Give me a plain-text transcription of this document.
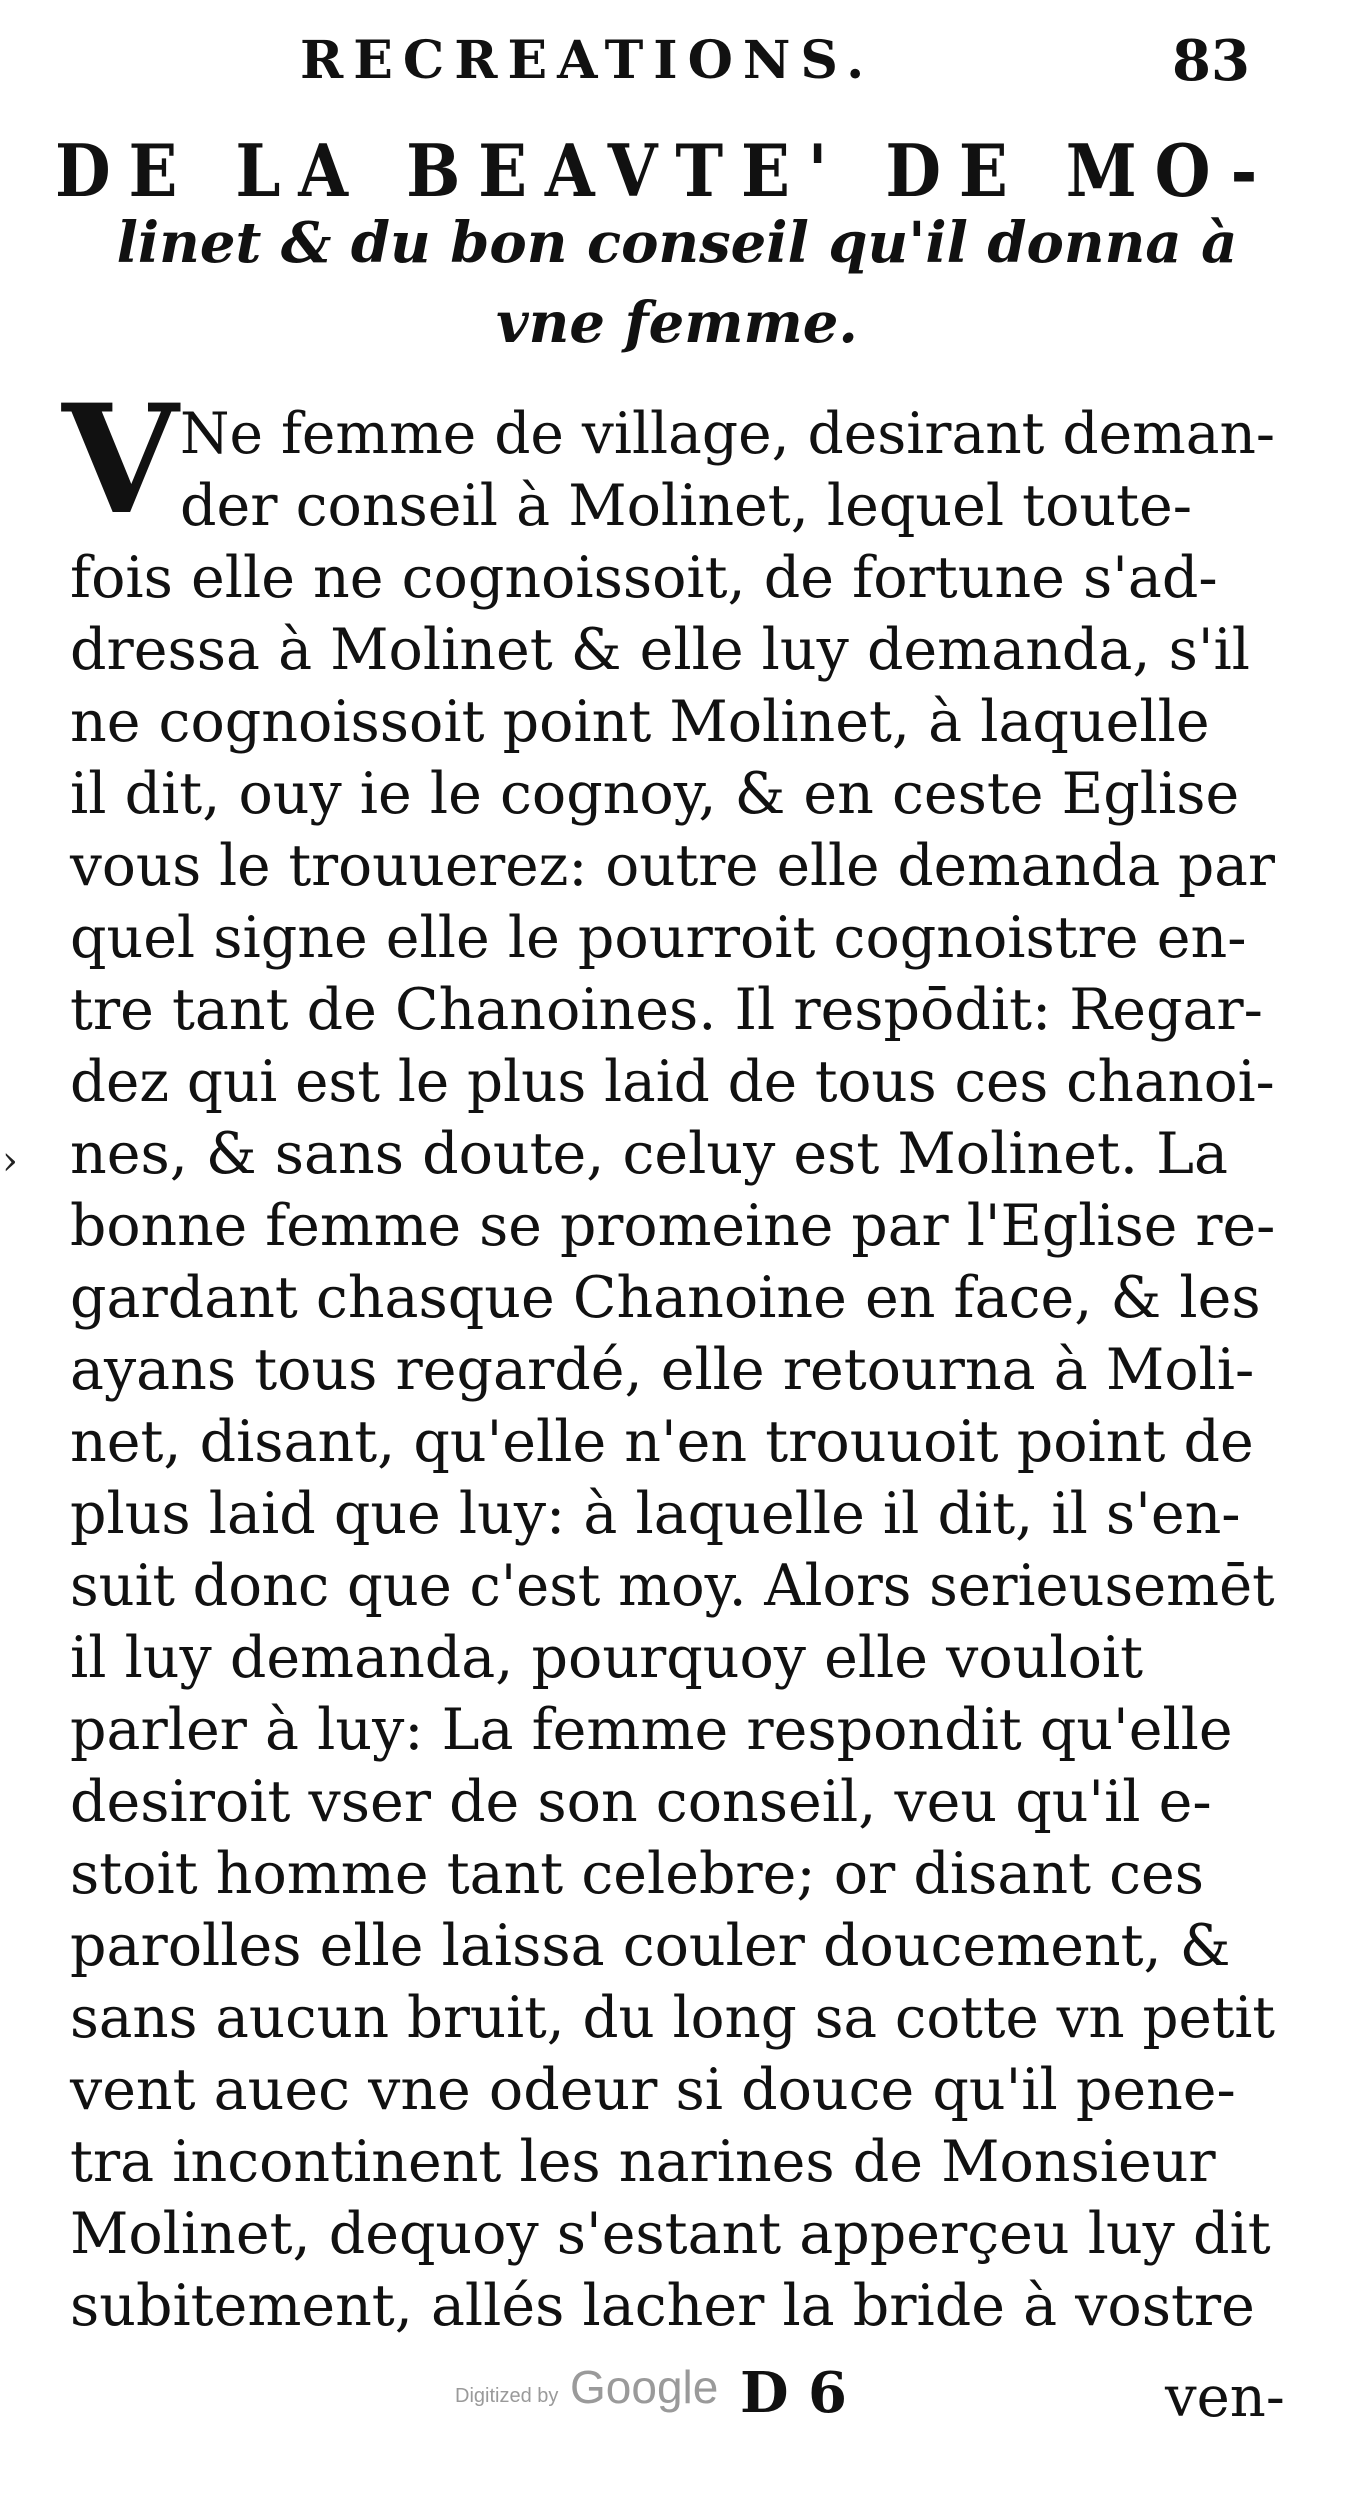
RECREATIONS.	83
DE LA BEAVTE' DE MO-
linet & du bon conseil qu'il donna à
vne femme.
V Ne femme de village, desirant deman-
der conseil à Molinet, lequel toute-
fois elle ne cognoissoit, de fortune s'ad-
dressa à Molinet & elle luy demanda, s'il
ne cognoissoit point Molinet, à laquelle
il dit, ouy ie le cognoy, & en ceste Eglise
vous le trouuerez: outre elle demanda par
quel signe elle le pourroit cognoistre en-
tre tant de Chanoines. Il respōdit: Regar-
dez qui est le plus laid de tous ces chanoi-
nes, & sans doute, celuy est Molinet. La
bonne femme se promeine par l'Eglise re-
gardant chasque Chanoine en face, & les
ayans tous regardé, elle retourna à Moli-
net, disant, qu'elle n'en trouuoit point de
plus laid que luy: à laquelle il dit, il s'en-
suit donc que c'est moy. Alors serieusemēt
il luy demanda, pourquoy elle vouloit
parler à luy: La femme respondit qu'elle
desiroit vser de son conseil, veu qu'il e-
stoit homme tant celebre; or disant ces
parolles elle laissa couler doucement, &
sans aucun bruit, du long sa cotte vn petit
vent auec vne odeur si douce qu'il pene-
tra incontinent les narines de Monsieur
Molinet, dequoy s'estant apperçeu luy dit
subitement, allés lacher la bride à vostre
›
Digitized by Google D 6	ven-
